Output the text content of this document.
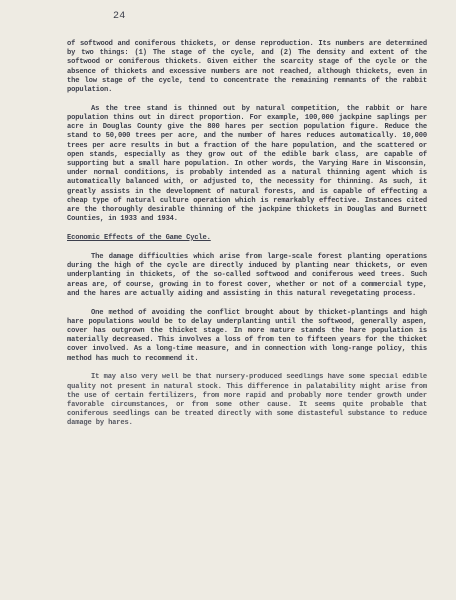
24

of softwood and coniferous thickets, or dense reproduction. Its numbers are determined by two things: (1) The stage of the cycle, and (2) The density and extent of the softwood or coniferous thickets. Given either the scarcity stage of the cycle or the absence of thickets and excessive numbers are not reached, although thickets, even in the low stage of the cycle, tend to concentrate the remaining remnants of the rabbit population.

As the tree stand is thinned out by natural competition, the rabbit or hare population thins out in direct proportion. For example, 100,000 jackpine saplings per acre in Douglas County give the 800 hares per section population figure. Reduce the stand to 50,000 trees per acre, and the number of hares reduces automatically. 10,000 trees per acre results in but a fraction of the hare population, and the scattered or open stands, especially as they grow out of the edible bark class, are capable of supporting but a small hare population. In other words, the Varying Hare in Wisconsin, under normal conditions, is probably intended as a natural thinning agent which is automatically balanced with, or adjusted to, the necessity for thinning. As such, it greatly assists in the development of natural forests, and is capable of effecting a cheap type of natural culture operation which is remarkably effective. Instances cited are the thoroughly desirable thinning of the jackpine thickets in Douglas and Burnett Counties, in 1933 and 1934.

Economic Effects of the Game Cycle.

The damage difficulties which arise from large-scale forest planting operations during the high of the cycle are directly induced by planting near thickets, or even underplanting in thickets, of the so-called softwood and coniferous weed trees. Such areas are, of course, growing in to forest cover, whether or not of a commercial type, and the hares are actually aiding and assisting in this natural revegetating process.

One method of avoiding the conflict brought about by thicket-plantings and high hare populations would be to delay underplanting until the softwood, generally aspen, cover has outgrown the thicket stage. In more mature stands the hare population is materially decreased. This involves a loss of from ten to fifteen years for the thicket cover involved. As a long-time measure, and in connection with long-range policy, this method has much to recommend it.

It may also very well be that nursery-produced seedlings have some special edible quality not present in natural stock. This difference in palatability might arise from the use of certain fertilizers, from more rapid and probably more tender growth under favorable circumstances, or from some other cause. It seems quite probable that coniferous seedlings can be treated directly with some distasteful substance to reduce damage by hares.
